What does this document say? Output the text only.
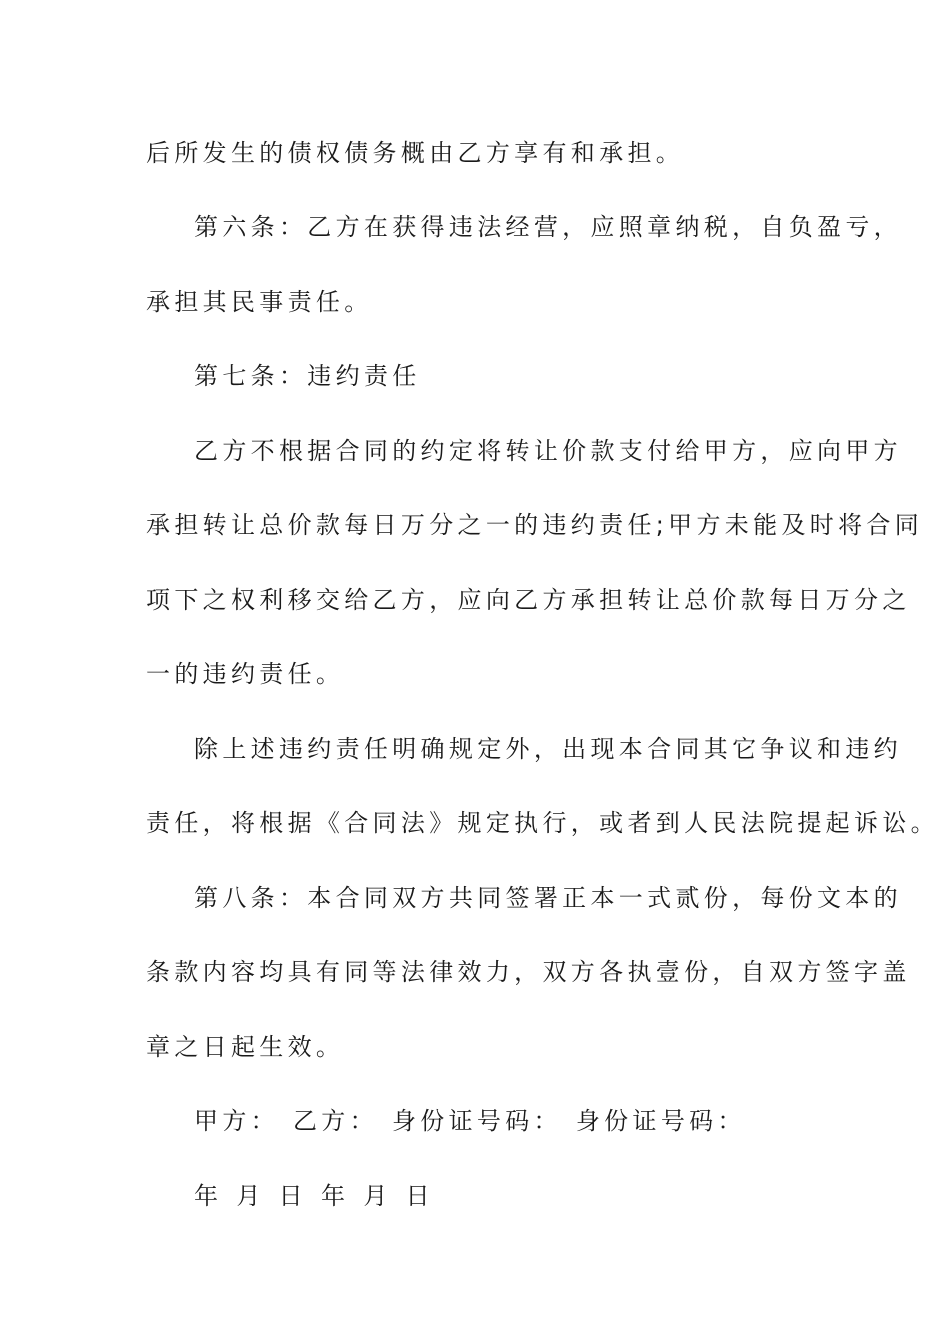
后所发生的债权债务概由乙方享有和承担。
第六条：乙方在获得违法经营，应照章纳税，自负盈亏，
承担其民事责任。
第七条：违约责任
乙方不根据合同的约定将转让价款支付给甲方，应向甲方
承担转让总价款每日万分之一的违约责任;甲方未能及时将合同
项下之权利移交给乙方，应向乙方承担转让总价款每日万分之
一的违约责任。
除上述违约责任明确规定外，出现本合同其它争议和违约
责任，将根据《合同法》规定执行，或者到人民法院提起诉讼。
第八条：本合同双方共同签署正本一式贰份，每份文本的
条款内容均具有同等法律效力，双方各执壹份，自双方签字盖
章之日起生效。
甲方： 乙方： 身份证号码： 身份证号码：
年 月 日 年 月 日
